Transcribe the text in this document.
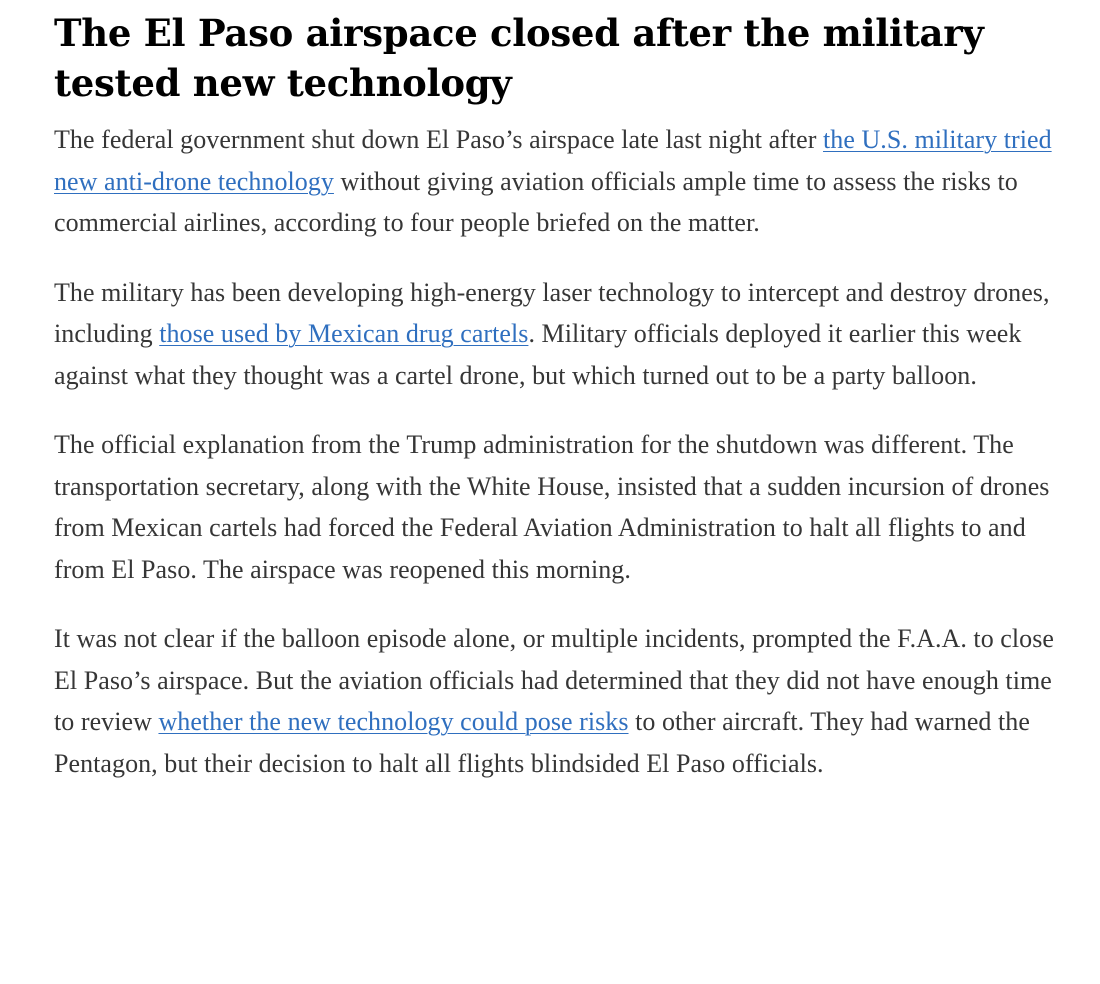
The El Paso airspace closed after the military tested new technology

The federal government shut down El Paso’s airspace late last night after the U.S. military tried new anti-drone technology without giving aviation officials ample time to assess the risks to commercial airlines, according to four people briefed on the matter.

The military has been developing high-energy laser technology to intercept and destroy drones, including those used by Mexican drug cartels. Military officials deployed it earlier this week against what they thought was a cartel drone, but which turned out to be a party balloon.

The official explanation from the Trump administration for the shutdown was different. The transportation secretary, along with the White House, insisted that a sudden incursion of drones from Mexican cartels had forced the Federal Aviation Administration to halt all flights to and from El Paso. The airspace was reopened this morning.

It was not clear if the balloon episode alone, or multiple incidents, prompted the F.A.A. to close El Paso’s airspace. But the aviation officials had determined that they did not have enough time to review whether the new technology could pose risks to other aircraft. They had warned the Pentagon, but their decision to halt all flights blindsided El Paso officials.
